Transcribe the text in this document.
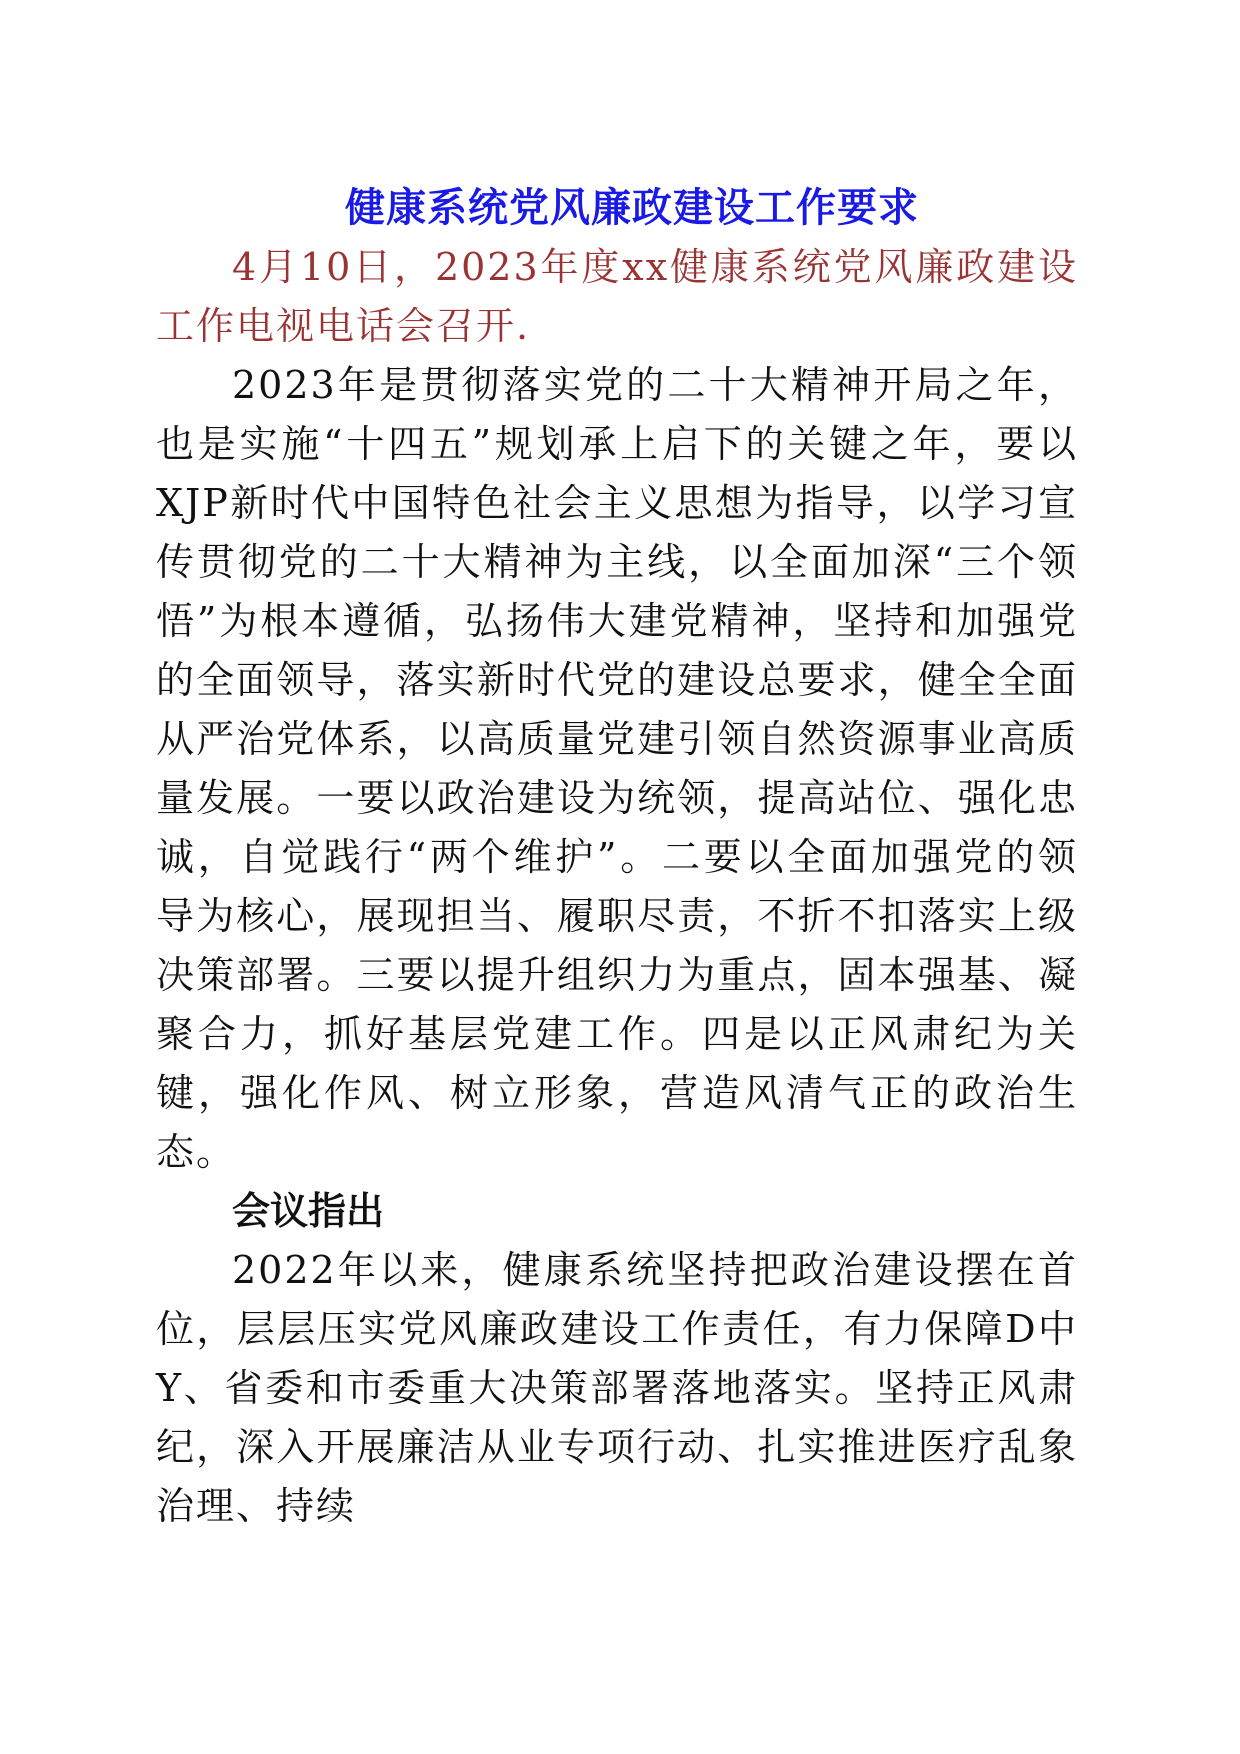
健康系统党风廉政建设工作要求

4月10日，2023年度xx健康系统党风廉政建设工作电视电话会召开.

2023年是贯彻落实党的二十大精神开局之年，也是实施“十四五”规划承上启下的关键之年，要以XJP新时代中国特色社会主义思想为指导，以学习宣传贯彻党的二十大精神为主线，以全面加深“三个领悟”为根本遵循，弘扬伟大建党精神，坚持和加强党的全面领导，落实新时代党的建设总要求，健全全面从严治党体系，以高质量党建引领自然资源事业高质量发展。一要以政治建设为统领，提高站位、强化忠诚，自觉践行“两个维护”。二要以全面加强党的领导为核心，展现担当、履职尽责，不折不扣落实上级决策部署。三要以提升组织力为重点，固本强基、凝聚合力，抓好基层党建工作。四是以正风肃纪为关键，强化作风、树立形象，营造风清气正的政治生态。

会议指出

2022年以来，健康系统坚持把政治建设摆在首位，层层压实党风廉政建设工作责任，有力保障D中Y、省委和市委重大决策部署落地落实。坚持正风肃纪，深入开展廉洁从业专项行动、扎实推进医疗乱象治理、持续
